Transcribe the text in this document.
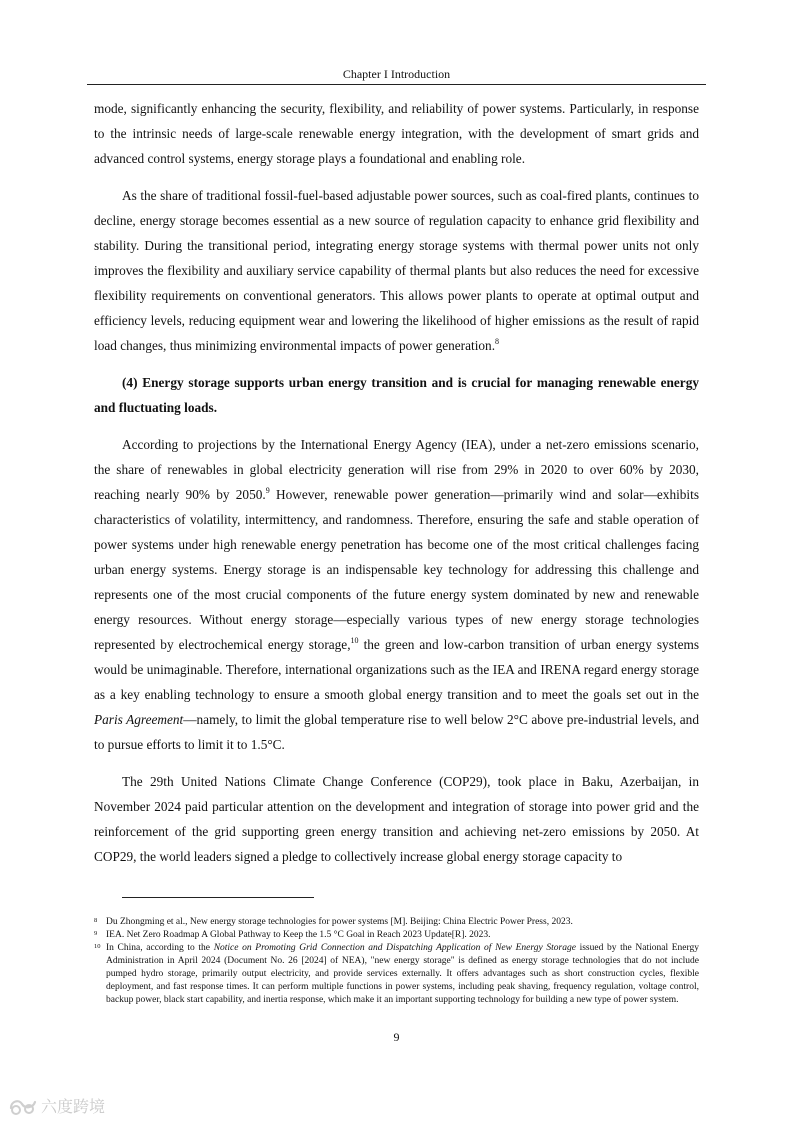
Chapter I Introduction

mode, significantly enhancing the security, flexibility, and reliability of power systems. Particularly, in response to the intrinsic needs of large-scale renewable energy integration, with the development of smart grids and advanced control systems, energy storage plays a foundational and enabling role.

As the share of traditional fossil-fuel-based adjustable power sources, such as coal-fired plants, continues to decline, energy storage becomes essential as a new source of regulation capacity to enhance grid flexibility and stability. During the transitional period, integrating energy storage systems with thermal power units not only improves the flexibility and auxiliary service capability of thermal plants but also reduces the need for excessive flexibility requirements on conventional generators. This allows power plants to operate at optimal output and efficiency levels, reducing equipment wear and lowering the likelihood of higher emissions as the result of rapid load changes, thus minimizing environmental impacts of power generation.$^8$

(4) Energy storage supports urban energy transition and is crucial for managing renewable energy and fluctuating loads.

According to projections by the International Energy Agency (IEA), under a net-zero emissions scenario, the share of renewables in global electricity generation will rise from 29% in 2020 to over 60% by 2030, reaching nearly 90% by 2050.$^9$ However, renewable power generation—primarily wind and solar—exhibits characteristics of volatility, intermittency, and randomness. Therefore, ensuring the safe and stable operation of power systems under high renewable energy penetration has become one of the most critical challenges facing urban energy systems. Energy storage is an indispensable key technology for addressing this challenge and represents one of the most crucial components of the future energy system dominated by new and renewable energy resources. Without energy storage—especially various types of new energy storage technologies represented by electrochemical energy storage,$^{10}$ the green and low-carbon transition of urban energy systems would be unimaginable. Therefore, international organizations such as the IEA and IRENA regard energy storage as a key enabling technology to ensure a smooth global energy transition and to meet the goals set out in the Paris Agreement—namely, to limit the global temperature rise to well below 2°C above pre-industrial levels, and to pursue efforts to limit it to 1.5°C.

The 29th United Nations Climate Change Conference (COP29), took place in Baku, Azerbaijan, in November 2024 paid particular attention on the development and integration of storage into power grid and the reinforcement of the grid supporting green energy transition and achieving net-zero emissions by 2050. At COP29, the world leaders signed a pledge to collectively increase global energy storage capacity to

8 Du Zhongming et al., New energy storage technologies for power systems [M]. Beijing: China Electric Power Press, 2023.
9 IEA. Net Zero Roadmap A Global Pathway to Keep the 1.5 °C Goal in Reach 2023 Update[R]. 2023.
10 In China, according to the Notice on Promoting Grid Connection and Dispatching Application of New Energy Storage issued by the National Energy Administration in April 2024 (Document No. 26 [2024] of NEA), "new energy storage" is defined as energy storage technologies that do not include pumped hydro storage, primarily output electricity, and provide services externally. It offers advantages such as short construction cycles, flexible deployment, and fast response times. It can perform multiple functions in power systems, including peak shaving, frequency regulation, voltage control, backup power, black start capability, and inertia response, which make it an important supporting technology for building a new type of power system.
9
六度跨境
